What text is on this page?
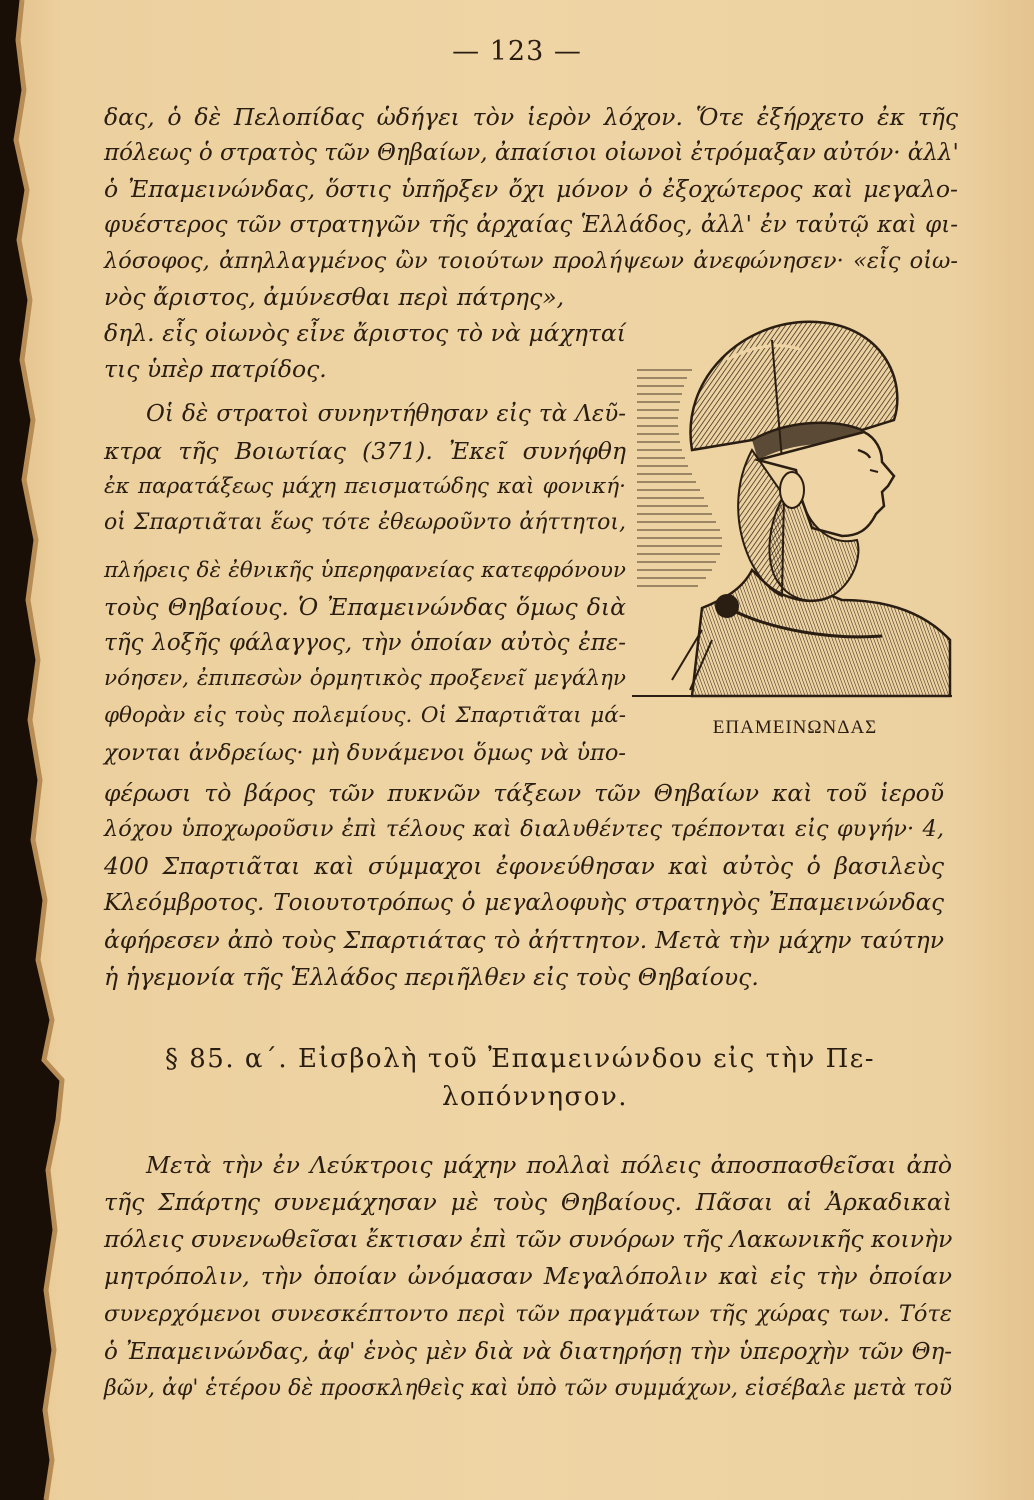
— 123 —
δας, ὁ δὲ Πελοπίδας ὡδήγει τὸν ἱερὸν λόχον. Ὅτε ἐξήρχετο ἐκ τῆς
πόλεως ὁ στρατὸς τῶν Θηβαίων, ἀπαίσιοι οἰωνοὶ ἐτρόμαξαν αὐτόν· ἀλλ'
ὁ Ἐπαμεινώνδας, ὅστις ὑπῆρξεν ὄχι μόνον ὁ ἐξοχώτερος καὶ μεγαλο-
φυέστερος τῶν στρατηγῶν τῆς ἀρχαίας Ἑλλάδος, ἀλλ' ἐν ταὐτῷ καὶ φι-
λόσοφος, ἀπηλλαγμένος ὢν τοιούτων προλήψεων ἀνεφώνησεν· «εἷς οἰω-
νὸς ἄριστος, ἀμύνεσθαι περὶ πάτρης»,
δηλ. εἷς οἰωνὸς εἶνε ἄριστος τὸ νὰ μάχηταί
τις ὑπὲρ πατρίδος.
Οἱ δὲ στρατοὶ συνηντήθησαν εἰς τὰ Λεῦ-
κτρα τῆς Βοιωτίας (371). Ἐκεῖ συνήφθη
ἐκ παρατάξεως μάχη πεισματώδης καὶ φονική·
οἱ Σπαρτιᾶται ἕως τότε ἐθεωροῦντο ἀήττητοι,
πλήρεις δὲ ἐθνικῆς ὑπερηφανείας κατεφρόνουν
τοὺς Θηβαίους. Ὁ Ἐπαμεινώνδας ὅμως διὰ
τῆς λοξῆς φάλαγγος, τὴν ὁποίαν αὐτὸς ἐπε-
νόησεν, ἐπιπεσὼν ὁρμητικὸς προξενεῖ μεγάλην
φθορὰν εἰς τοὺς πολεμίους. Οἱ Σπαρτιᾶται μά-
χονται ἀνδρείως· μὴ δυνάμενοι ὅμως νὰ ὑπο-
φέρωσι τὸ βάρος τῶν πυκνῶν τάξεων τῶν Θηβαίων καὶ τοῦ ἱεροῦ
λόχου ὑποχωροῦσιν ἐπὶ τέλους καὶ διαλυθέντες τρέπονται εἰς φυγήν· 4,
400 Σπαρτιᾶται καὶ σύμμαχοι ἐφονεύθησαν καὶ αὐτὸς ὁ βασιλεὺς
Κλεόμβροτος. Τοιουτοτρόπως ὁ μεγαλοφυὴς στρατηγὸς Ἐπαμεινώνδας
ἀφήρεσεν ἀπὸ τοὺς Σπαρτιάτας τὸ ἀήττητον. Μετὰ τὴν μάχην ταύτην
ἡ ἡγεμονία τῆς Ἑλλάδος περιῆλθεν εἰς τοὺς Θηβαίους.
ΕΠΑΜΕΙΝΩΝΔΑΣ
§ 85. α΄. Εἰσβολὴ τοῦ Ἐπαμεινώνδου εἰς τὴν Πε-
λοπόννησον.
Μετὰ τὴν ἐν Λεύκτροις μάχην πολλαὶ πόλεις ἀποσπασθεῖσαι ἀπὸ
τῆς Σπάρτης συνεμάχησαν μὲ τοὺς Θηβαίους. Πᾶσαι αἱ Ἀρκαδικαὶ
πόλεις συνενωθεῖσαι ἔκτισαν ἐπὶ τῶν συνόρων τῆς Λακωνικῆς κοινὴν
μητρόπολιν, τὴν ὁποίαν ὠνόμασαν Μεγαλόπολιν καὶ εἰς τὴν ὁποίαν
συνερχόμενοι συνεσκέπτοντο περὶ τῶν πραγμάτων τῆς χώρας των. Τότε
ὁ Ἐπαμεινώνδας, ἀφ' ἑνὸς μὲν διὰ νὰ διατηρήσῃ τὴν ὑπεροχὴν τῶν Θη-
βῶν, ἀφ' ἑτέρου δὲ προσκληθεὶς καὶ ὑπὸ τῶν συμμάχων, εἰσέβαλε μετὰ τοῦ
